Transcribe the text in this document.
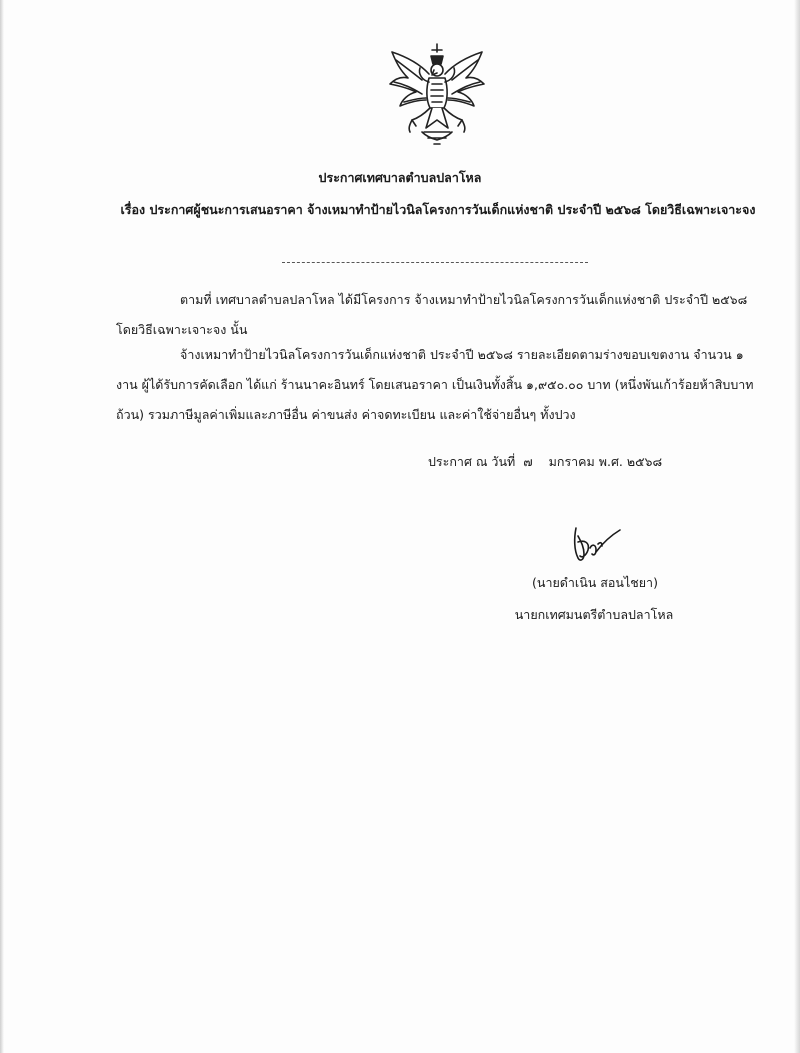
ประกาศเทศบาลตำบลปลาโหล
เรื่อง ประกาศผู้ชนะการเสนอราคา จ้างเหมาทำป้ายไวนิลโครงการวันเด็กแห่งชาติ ประจำปี ๒๕๖๘ โดยวิธีเฉพาะเจาะจง
ตามที่ เทศบาลตำบลปลาโหล ได้มีโครงการ จ้างเหมาทำป้ายไวนิลโครงการวันเด็กแห่งชาติ ประจำปี ๒๕๖๘ โดยวิธีเฉพาะเจาะจง นั้น
จ้างเหมาทำป้ายไวนิลโครงการวันเด็กแห่งชาติ ประจำปี ๒๕๖๘ รายละเอียดตามร่างขอบเขตงาน จำนวน ๑ งาน ผู้ได้รับการคัดเลือก ได้แก่ ร้านนาคะอินทร์ โดยเสนอราคา เป็นเงินทั้งสิ้น ๑,๙๕๐.๐๐ บาท (หนึ่งพันเก้าร้อยห้าสิบบาทถ้วน) รวมภาษีมูลค่าเพิ่มและภาษีอื่น ค่าขนส่ง ค่าจดทะเบียน และค่าใช้จ่ายอื่นๆ ทั้งปวง
ประกาศ ณ วันที่ ๗ มกราคม พ.ศ. ๒๕๖๘
(นายดำเนิน สอนไชยา)
นายกเทศมนตรีตำบลปลาโหล
